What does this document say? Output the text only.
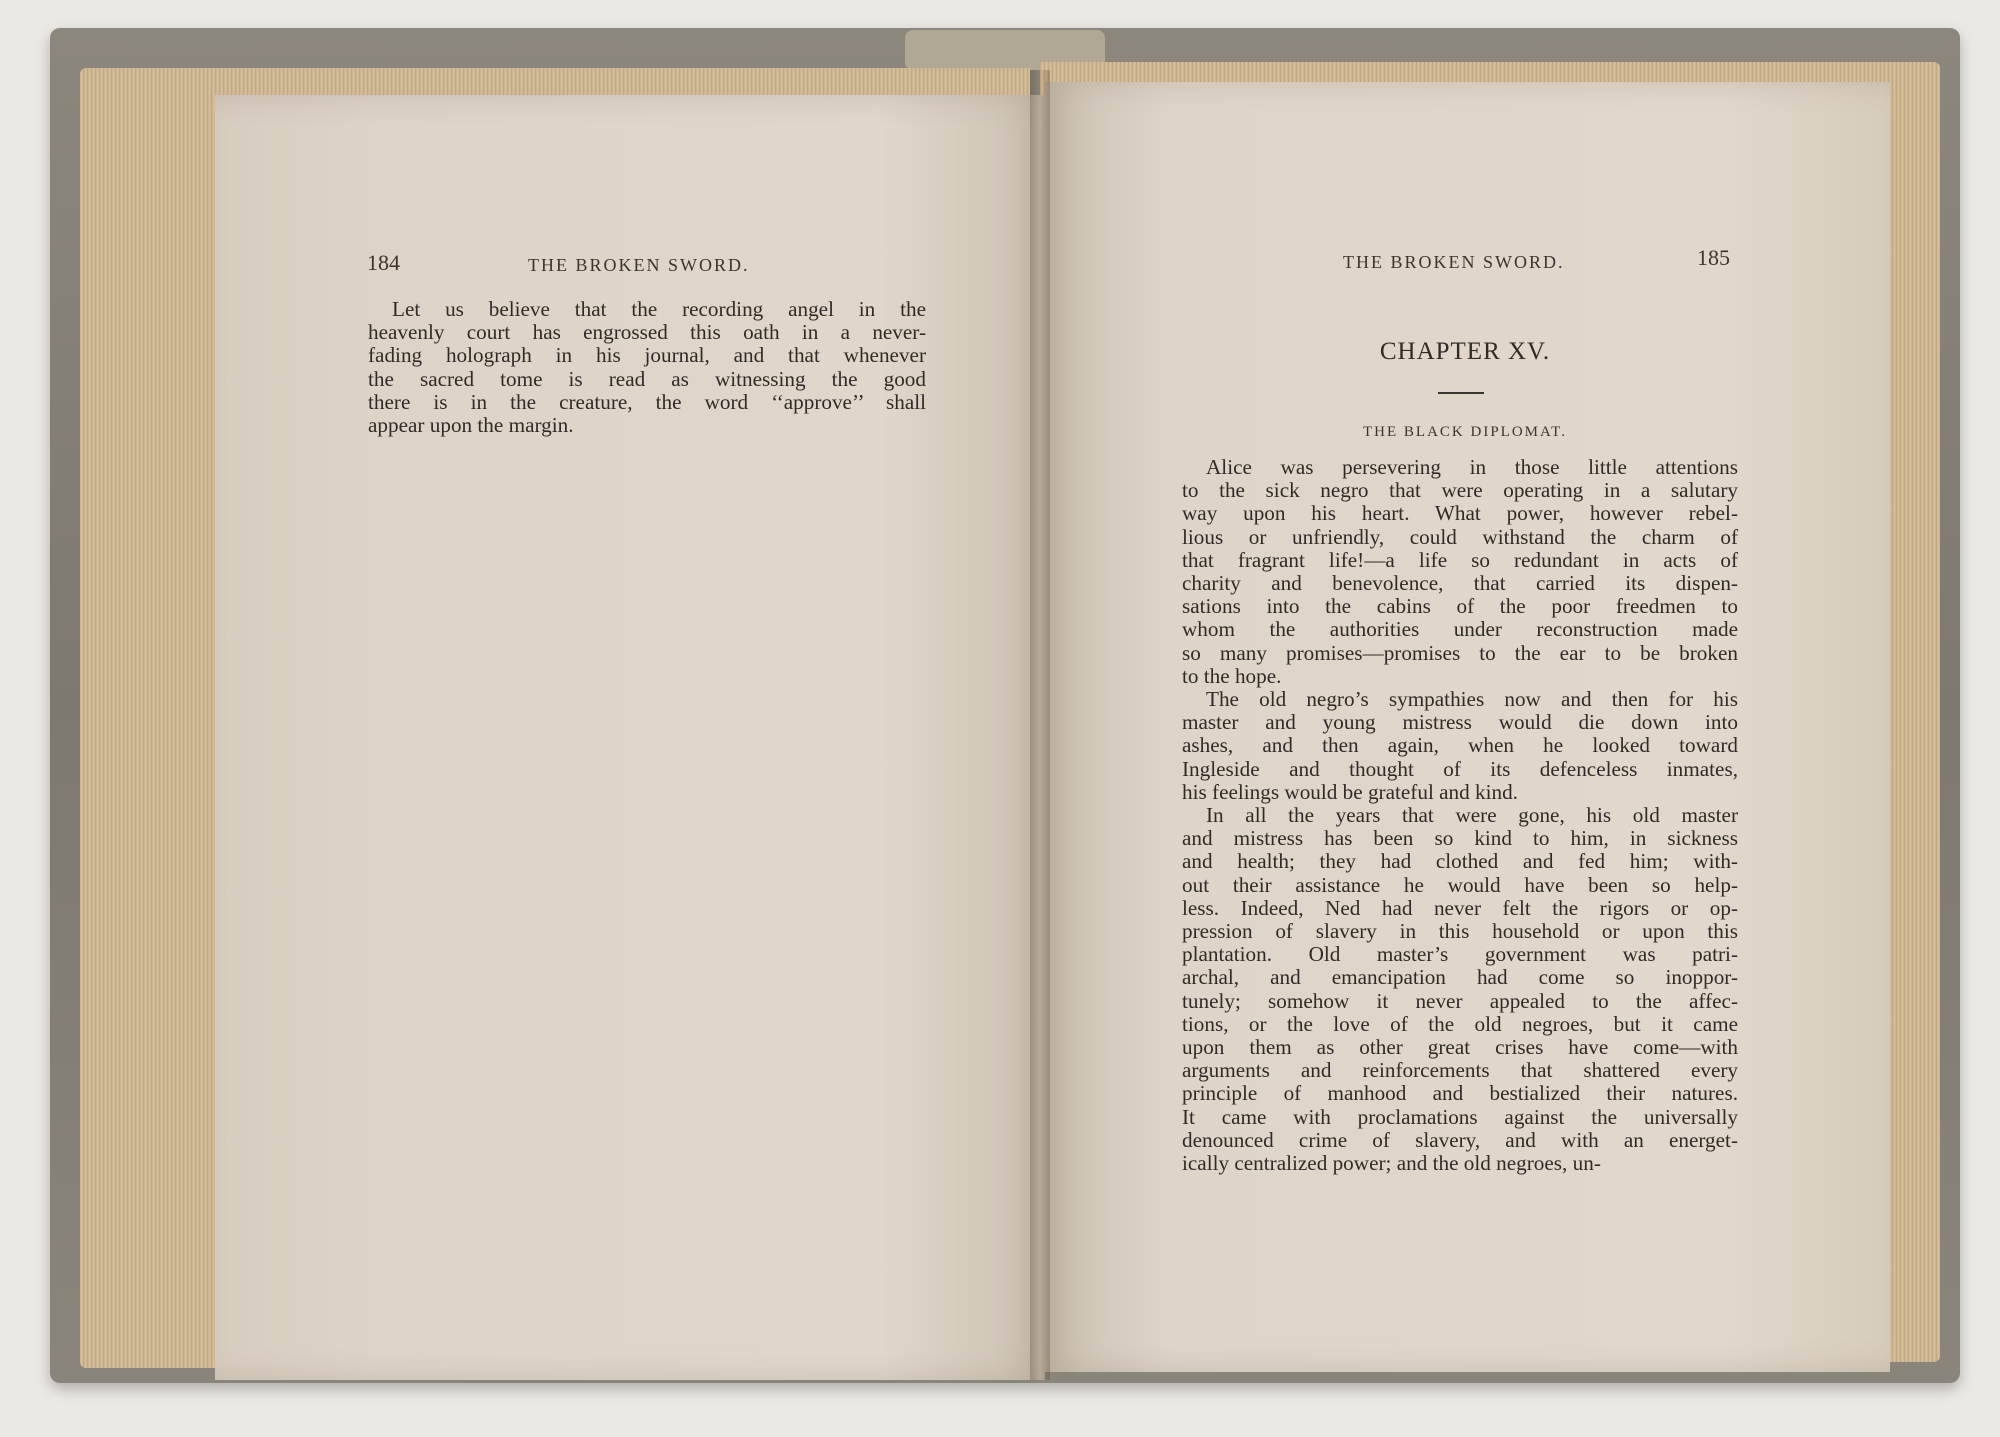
184	THE BROKEN SWORD.
Let us believe that the recording angel in the
heavenly court has engrossed this oath in a never-
fading holograph in his journal, and that whenever
the sacred tome is read as witnessing the good
there is in the creature, the word ‘‘approve’’ shall
appear upon the margin.
THE BROKEN SWORD.	185
CHAPTER XV.
THE BLACK DIPLOMAT.
Alice was persevering in those little attentions
to the sick negro that were operating in a salutary
way upon his heart. What power, however rebel-
lious or unfriendly, could withstand the charm of
that fragrant life!—a life so redundant in acts of
charity and benevolence, that carried its dispen-
sations into the cabins of the poor freedmen to
whom the authorities under reconstruction made
so many promises—promises to the ear to be broken
to the hope.
The old negro’s sympathies now and then for his
master and young mistress would die down into
ashes, and then again, when he looked toward
Ingleside and thought of its defenceless inmates,
his feelings would be grateful and kind.
In all the years that were gone, his old master
and mistress has been so kind to him, in sickness
and health; they had clothed and fed him; with-
out their assistance he would have been so help-
less. Indeed, Ned had never felt the rigors or op-
pression of slavery in this household or upon this
plantation. Old master’s government was patri-
archal, and emancipation had come so inoppor-
tunely; somehow it never appealed to the affec-
tions, or the love of the old negroes, but it came
upon them as other great crises have come—with
arguments and reinforcements that shattered every
principle of manhood and bestialized their natures.
It came with proclamations against the universally
denounced crime of slavery, and with an energet-
ically centralized power; and the old negroes, un-
